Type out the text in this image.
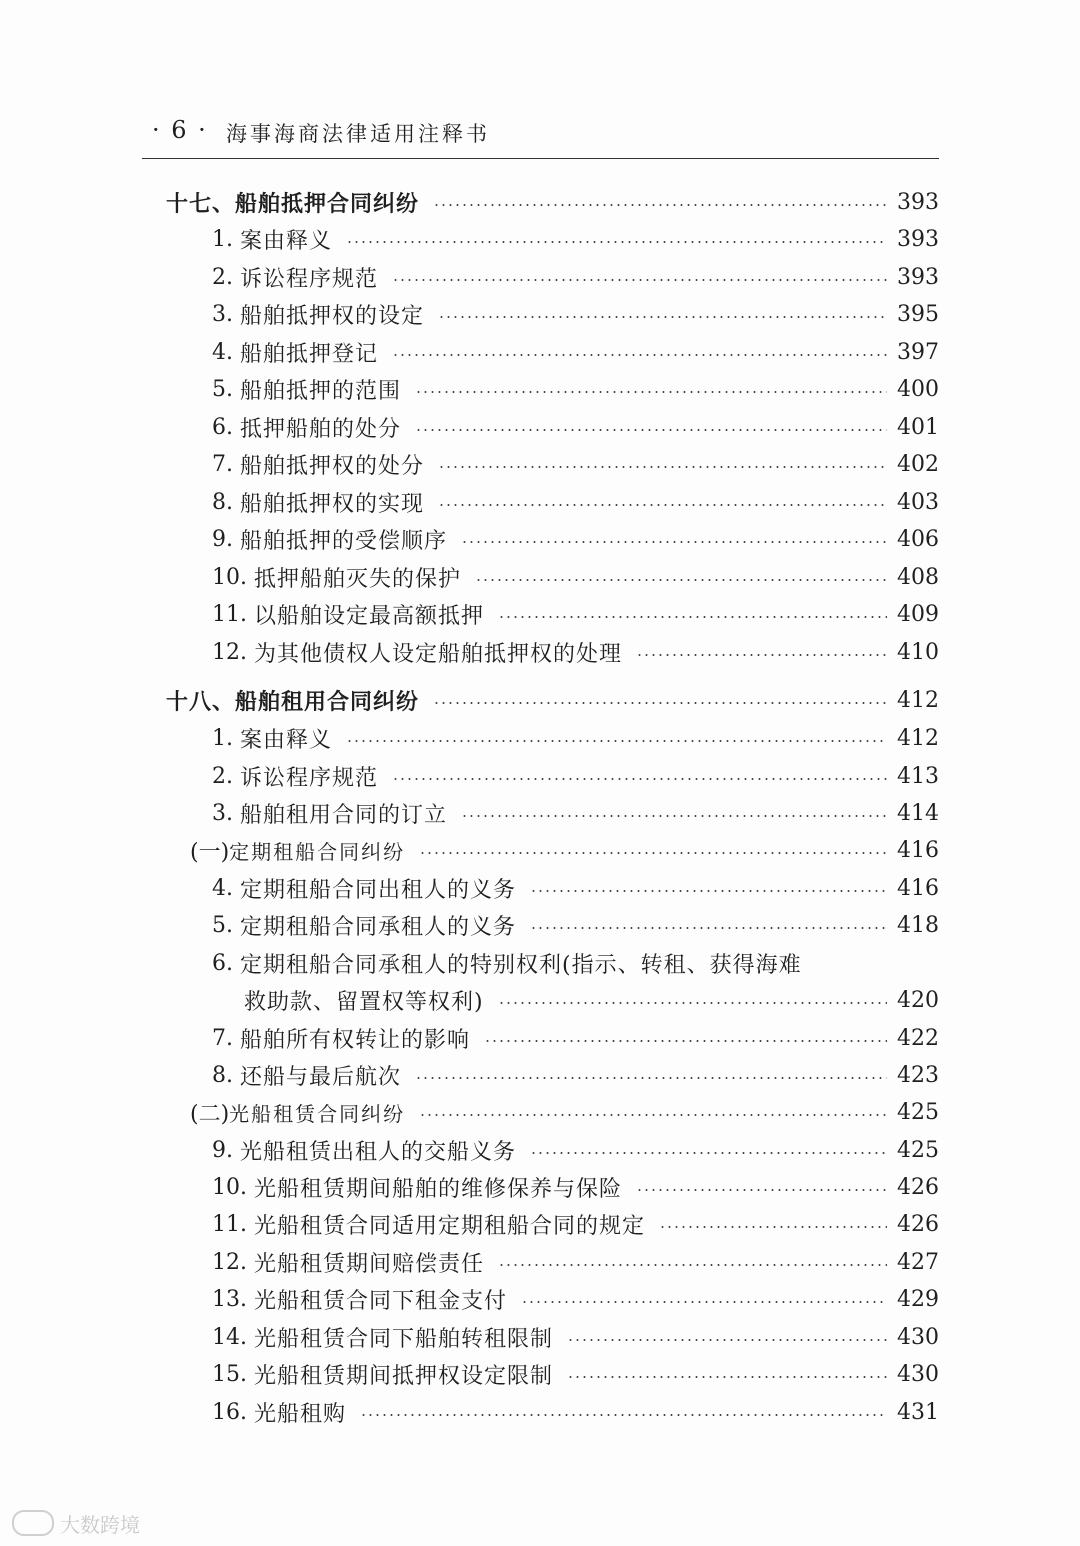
· 6 · 海事海商法律适用注释书
十七、船舶抵押合同纠纷	393
1. 案由释义	393
2. 诉讼程序规范	393
3. 船舶抵押权的设定	395
4. 船舶抵押登记	397
5. 船舶抵押的范围	400
6. 抵押船舶的处分	401
7. 船舶抵押权的处分	402
8. 船舶抵押权的实现	403
9. 船舶抵押的受偿顺序	406
10. 抵押船舶灭失的保护	408
11. 以船舶设定最高额抵押	409
12. 为其他债权人设定船舶抵押权的处理	410
十八、船舶租用合同纠纷	412
1. 案由释义	412
2. 诉讼程序规范	413
3. 船舶租用合同的订立	414
(一) 定期租船合同纠纷	416
4. 定期租船合同出租人的义务	416
5. 定期租船合同承租人的义务	418
6. 定期租船合同承租人的特别权利(指示、转租、获得海难
救助款、留置权等权利)	420
7. 船舶所有权转让的影响	422
8. 还船与最后航次	423
(二) 光船租赁合同纠纷	425
9. 光船租赁出租人的交船义务	425
10. 光船租赁期间船舶的维修保养与保险	426
11. 光船租赁合同适用定期租船合同的规定	426
12. 光船租赁期间赔偿责任	427
13. 光船租赁合同下租金支付	429
14. 光船租赁合同下船舶转租限制	430
15. 光船租赁期间抵押权设定限制	430
16. 光船租购	431
大数跨境
